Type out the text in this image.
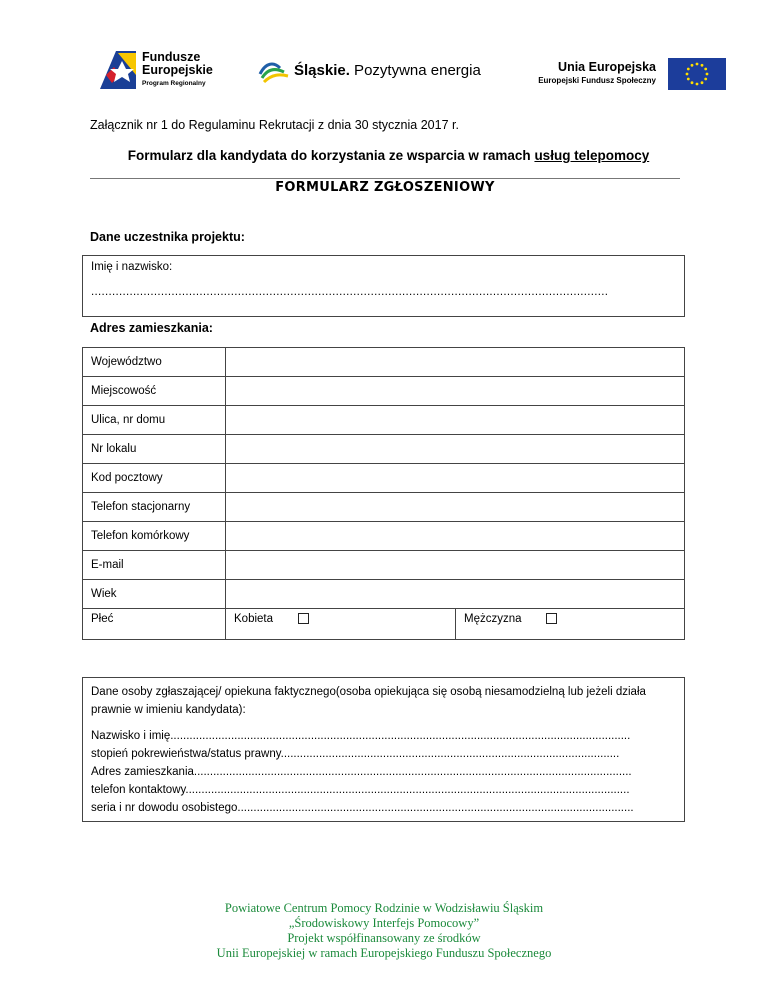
Fundusze
Europejskie
Program Regionalny
Śląskie. Pozytywna energia	Unia Europejska
Europejski Fundusz Społeczny
Załącznik nr 1 do Regulaminu Rekrutacji z dnia 30 stycznia 2017 r.
Formularz dla kandydata do korzystania ze wsparcia w ramach usług telepomocy
FORMULARZ ZGŁOSZENIOWY
Dane uczestnika projektu:
Imię i nazwisko:
....................................................................................................................................................
Adres zamieszkania:
Województwo				
Miejscowość				
Ulica, nr domu				
Nr lokalu				
Kod pocztowy				
Telefon stacjonarny				
Telefon komórkowy				
E-mail				
Wiek				
Płeć	Kobieta		Mężczyzna	
Dane osoby zgłaszającej/ opiekuna faktycznego(osoba opiekująca się osobą niesamodzielną lub jeżeli działa prawnie w imieniu kandydata):
Nazwisko i imię................................................................................................................................................
stopień pokrewieństwa/status prawny..........................................................................................................
Adres zamieszkania.........................................................................................................................................
telefon kontaktowy...........................................................................................................................................
seria i nr dowodu osobistego............................................................................................................................
Powiatowe Centrum Pomocy Rodzinie w Wodzisławiu Śląskim
„Środowiskowy Interfejs Pomocowy”
Projekt współfinansowany ze środków
Unii Europejskiej w ramach Europejskiego Funduszu Społecznego
